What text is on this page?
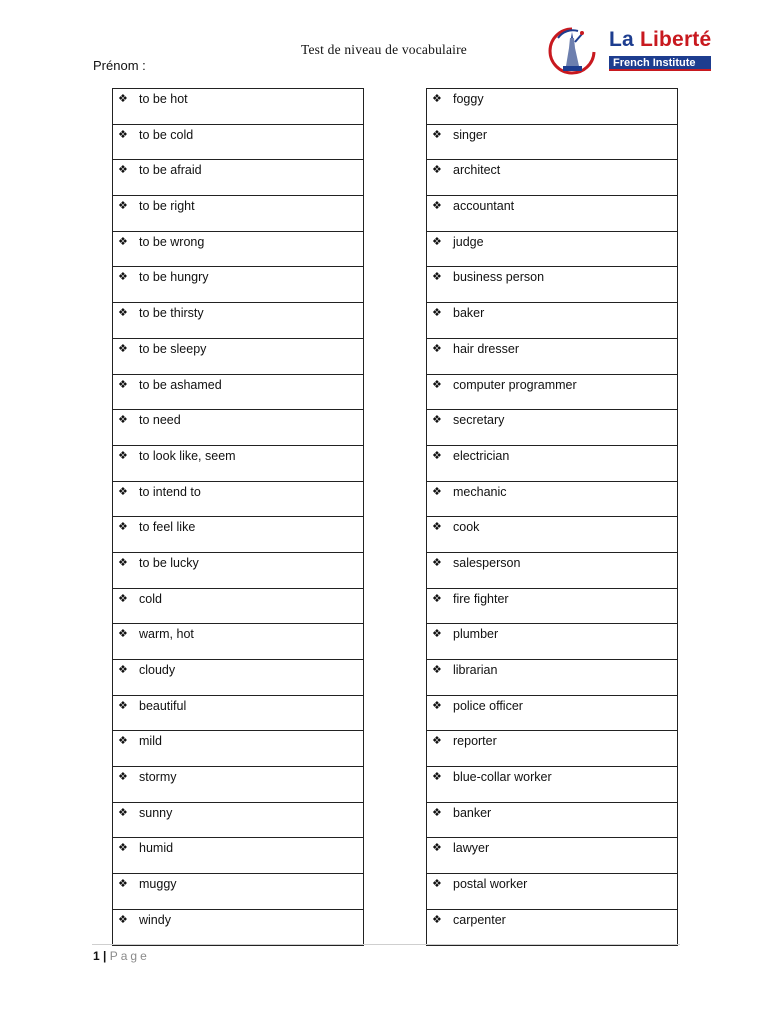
Test de niveau de vocabulaire
Prénom :
La Liberté
French Institute
❖ to be hot
❖ to be cold
❖ to be afraid
❖ to be right
❖ to be wrong
❖ to be hungry
❖ to be thirsty
❖ to be sleepy
❖ to be ashamed
❖ to need
❖ to look like, seem
❖ to intend to
❖ to feel like
❖ to be lucky
❖ cold
❖ warm, hot
❖ cloudy
❖ beautiful
❖ mild
❖ stormy
❖ sunny
❖ humid
❖ muggy
❖ windy
❖ foggy
❖ singer
❖ architect
❖ accountant
❖ judge
❖ business person
❖ baker
❖ hair dresser
❖ computer programmer
❖ secretary
❖ electrician
❖ mechanic
❖ cook
❖ salesperson
❖ fire fighter
❖ plumber
❖ librarian
❖ police officer
❖ reporter
❖ blue-collar worker
❖ banker
❖ lawyer
❖ postal worker
❖ carpenter
1 | Page
